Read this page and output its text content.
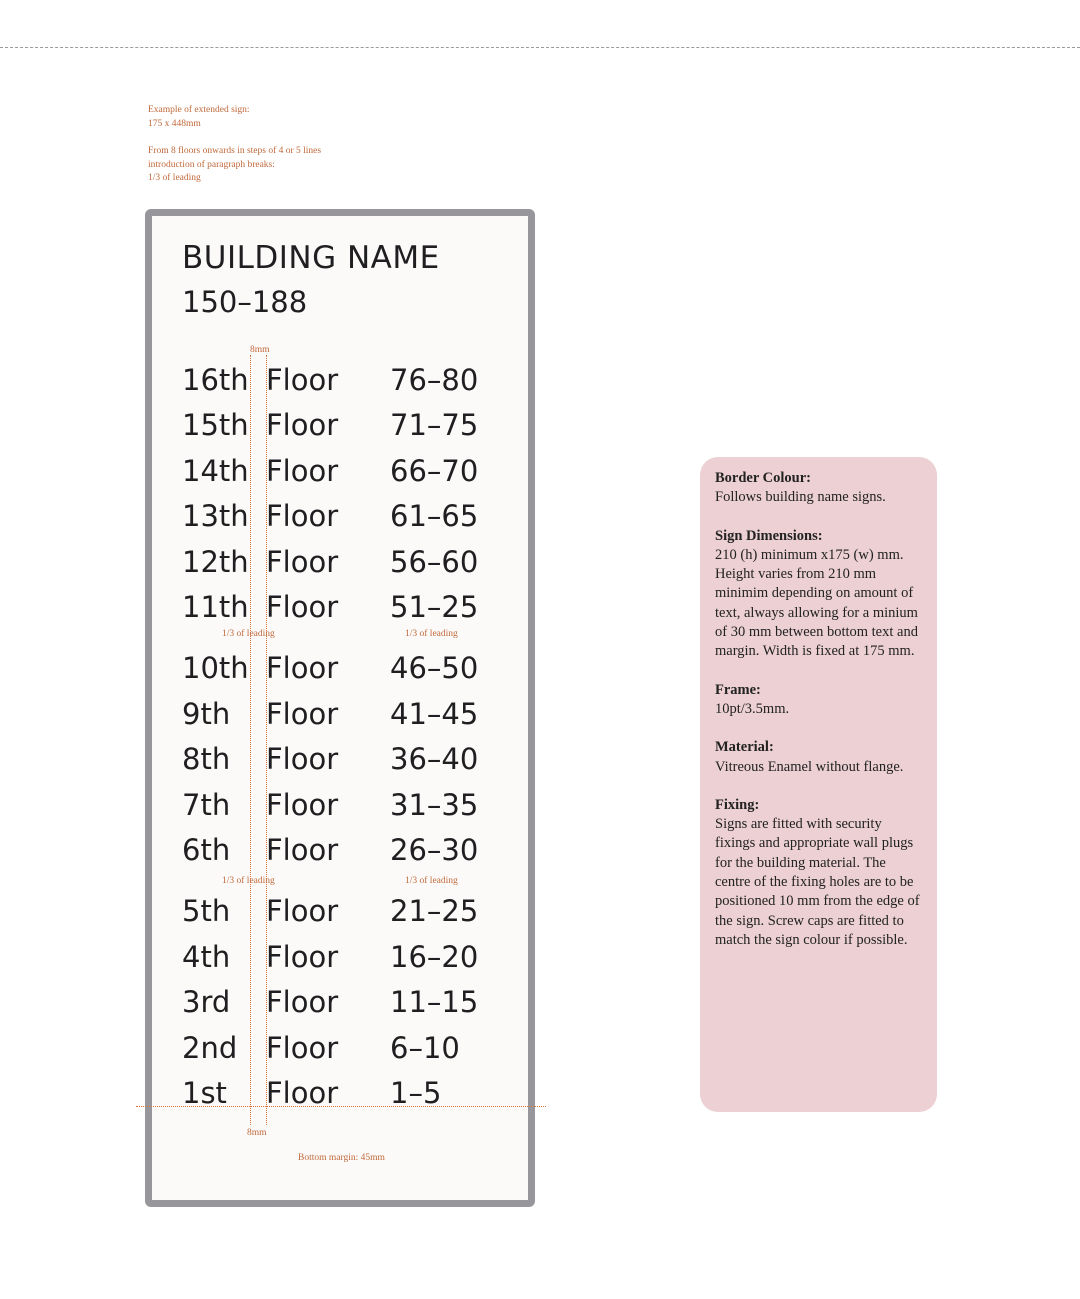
Example of extended sign:

175 x 448mm

From 8 floors onwards in steps of 4 or 5 lines

introduction of paragraph breaks:

1/3 of leading

BUILDING NAME
150–188
16th Floor 76–80
15th Floor 71–75
14th Floor 66–70
13th Floor 61–65
12th Floor 56–60
11th Floor 51–25
10th Floor 46–50
9th Floor 41–45
8th Floor 36–40
7th Floor 31–35
6th Floor 26–30
5th Floor 21–25
4th Floor 16–20
3rd Floor 11–15
2nd Floor 6–10
1st Floor 1–5
8mm
1/3 of leading	1/3 of leading
1/3 of leading	1/3 of leading
8mm
Bottom margin: 45mm
Border Colour:
Follows building name signs.
Sign Dimensions:
210 (h) minimum x175 (w) mm. Height varies from 210 mm minimim depending on amount of text, always allowing for a minium of 30 mm between bottom text and margin. Width is fixed at 175 mm.
Frame:
10pt/3.5mm.
Material:
Vitreous Enamel without flange.
Fixing:
Signs are fitted with security fixings and appropriate wall plugs for the building material. The centre of the fixing holes are to be positioned 10 mm from the edge of the sign. Screw caps are fitted to match the sign colour if possible.
